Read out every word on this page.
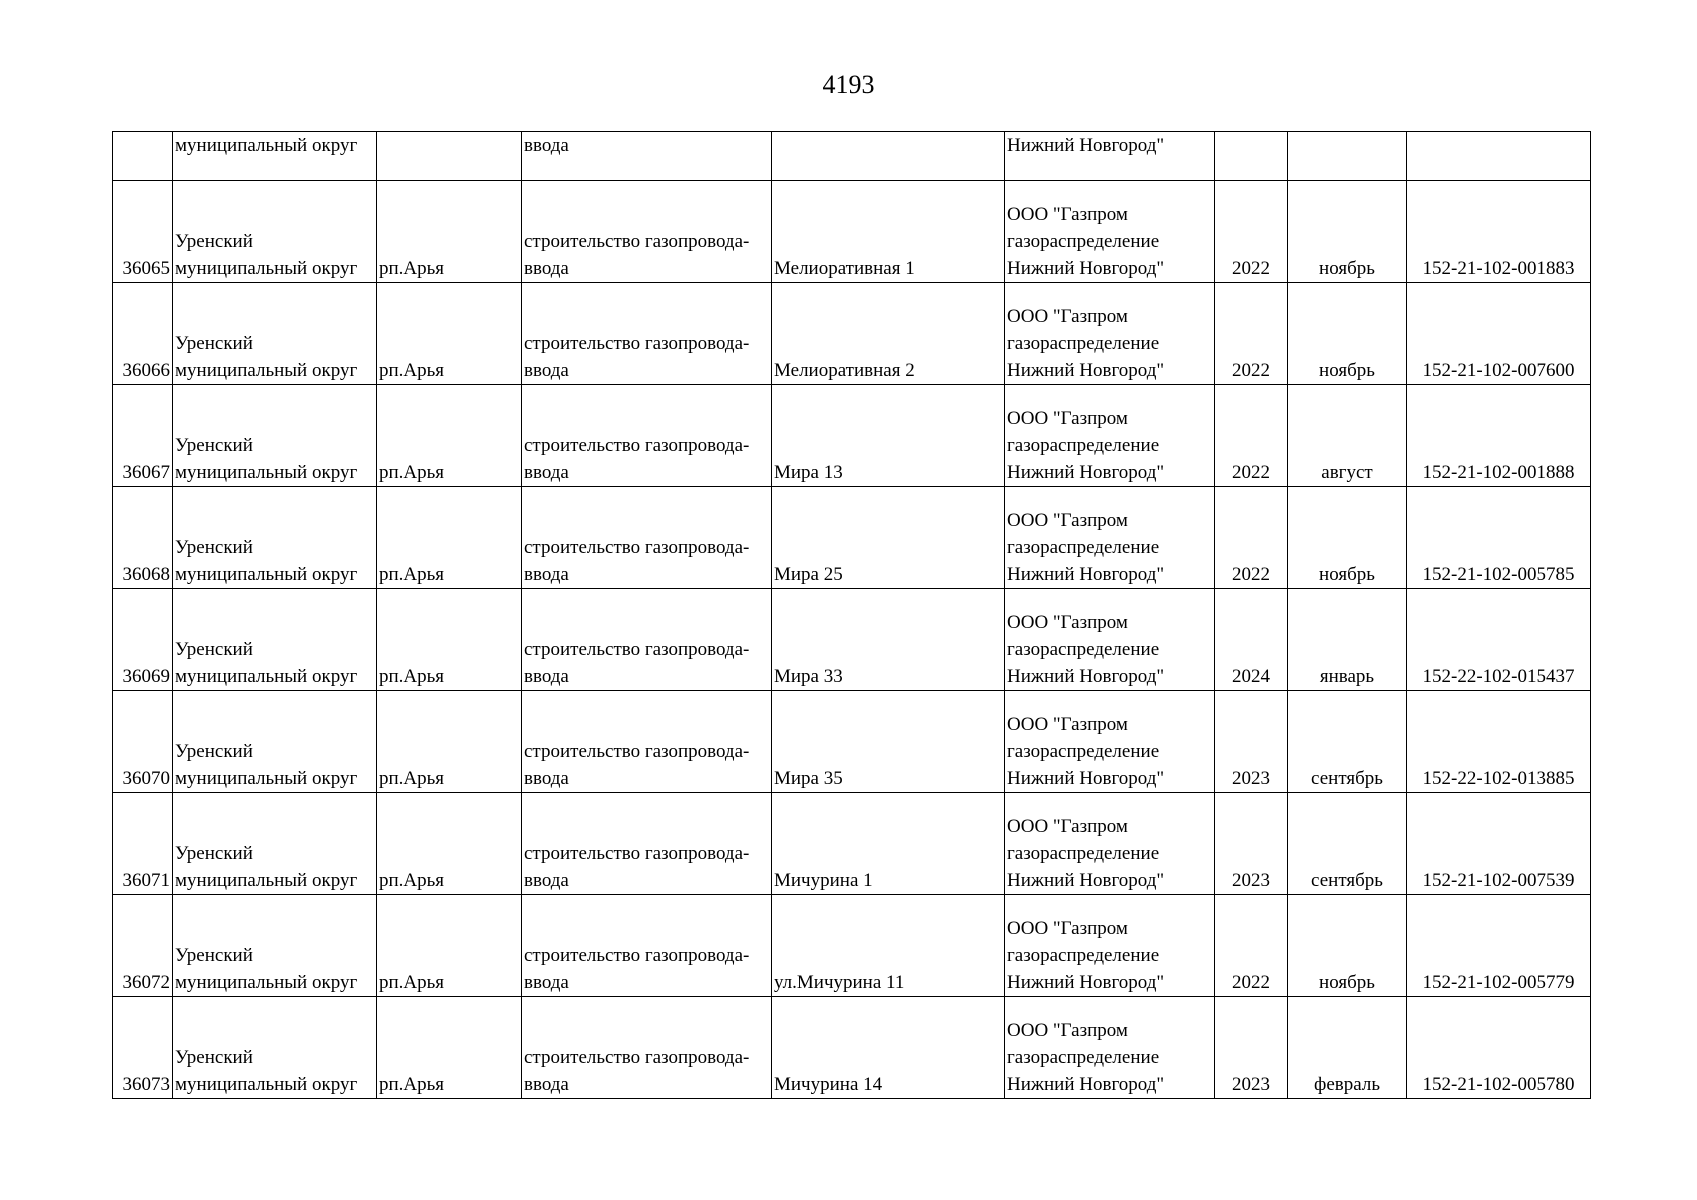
4193
	муниципальный округ		ввода		Нижний Новгород"			
36065	Уренский
муниципальный округ	рп.Арья	строительство газопровода-
ввода	Мелиоративная 1	ООО "Газпром
газораспределение
Нижний Новгород"	2022	ноябрь	152-21-102-001883
36066	Уренский
муниципальный округ	рп.Арья	строительство газопровода-
ввода	Мелиоративная 2	ООО "Газпром
газораспределение
Нижний Новгород"	2022	ноябрь	152-21-102-007600
36067	Уренский
муниципальный округ	рп.Арья	строительство газопровода-
ввода	Мира 13	ООО "Газпром
газораспределение
Нижний Новгород"	2022	август	152-21-102-001888
36068	Уренский
муниципальный округ	рп.Арья	строительство газопровода-
ввода	Мира 25	ООО "Газпром
газораспределение
Нижний Новгород"	2022	ноябрь	152-21-102-005785
36069	Уренский
муниципальный округ	рп.Арья	строительство газопровода-
ввода	Мира 33	ООО "Газпром
газораспределение
Нижний Новгород"	2024	январь	152-22-102-015437
36070	Уренский
муниципальный округ	рп.Арья	строительство газопровода-
ввода	Мира 35	ООО "Газпром
газораспределение
Нижний Новгород"	2023	сентябрь	152-22-102-013885
36071	Уренский
муниципальный округ	рп.Арья	строительство газопровода-
ввода	Мичурина 1	ООО "Газпром
газораспределение
Нижний Новгород"	2023	сентябрь	152-21-102-007539
36072	Уренский
муниципальный округ	рп.Арья	строительство газопровода-
ввода	ул.Мичурина 11	ООО "Газпром
газораспределение
Нижний Новгород"	2022	ноябрь	152-21-102-005779
36073	Уренский
муниципальный округ	рп.Арья	строительство газопровода-
ввода	Мичурина 14	ООО "Газпром
газораспределение
Нижний Новгород"	2023	февраль	152-21-102-005780
